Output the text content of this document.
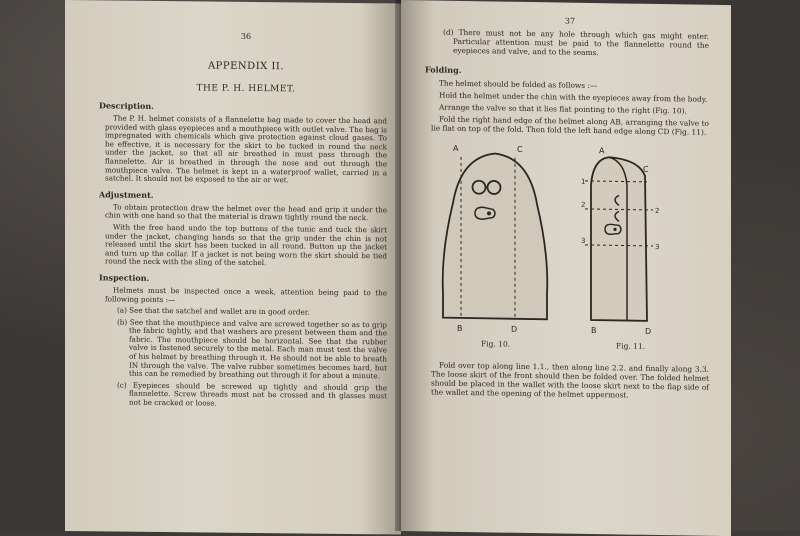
36
APPENDIX II.
THE P. H. HELMET.
Description.

The P. H. helmet consists of a flannelette bag made to cover the head and provided with glass eyepieces and a mouthpiece with outlet valve. The bag is impregnated with chemicals which give protection against cloud gases. To be effective, it is necessary for the skirt to be tucked in round the neck under the jacket, so that all air breathed in must pass through the flannelette. Air is breathed in through the nose and out through the mouthpiece valve. The helmet is kept in a waterproof wallet, carried in a satchel. It should not be exposed to the air or wet.

Adjustment.

To obtain protection draw the helmet over the head and grip it under the chin with one hand so that the material is drawn tightly round the neck.

With the free hand undo the top buttons of the tunic and tuck the skirt under the jacket, changing hands so that the grip under the chin is not released until the skirt has been tucked in all round. Button up the jacket and turn up the collar. If a jacket is not being worn the skirt should be tied round the neck with the sling of the satchel.

Inspection.

Helmets must be inspected once a week, attention being paid to the following points :—

(a) See that the satchel and wallet are in good order.
(b) See that the mouthpiece and valve are screwed together so as to grip the fabric tightly, and that washers are present between them and the fabric. The mouthpiece should be horizontal. See that the rubber valve is fastened securely to the metal. Each man must test the valve of his helmet by breathing through it. He should not be able to breath IN through the valve. The valve rubber sometimes becomes hard, but this can be remedied by breathing out through it for about a minute.
(c) Eyepieces should be screwed up tightly and should grip the flannelette. Screw threads must not be crossed and th glasses must not be cracked or loose.
37

(d) There must not be any hole through which gas might enter. Particular attention must be paid to the flannelette round the eyepieces and valve, and to the seams.

Folding.

The helmet should be folded as follows :—

Hold the helmet under the chin with the eyepieces away from the body.

Arrange the valve so that it lies flat pointing to the right (Fig. 10).

Fold the right hand edge of the helmet along AB, arranging the valve to lie flat on top of the fold. Then fold the left hand edge along CD (Fig. 11).

A	C
B	D
Fig. 10.
A
C
1
2
2
3
3
B	D
Fig. 11.

Fold over top along line 1.1., then along line 2.2. and finally along 3.3. The loose skirt of the front should then be folded over. The folded helmet should be placed in the wallet with the loose skirt next to the flap side of the wallet and the opening of the helmet uppermost.
